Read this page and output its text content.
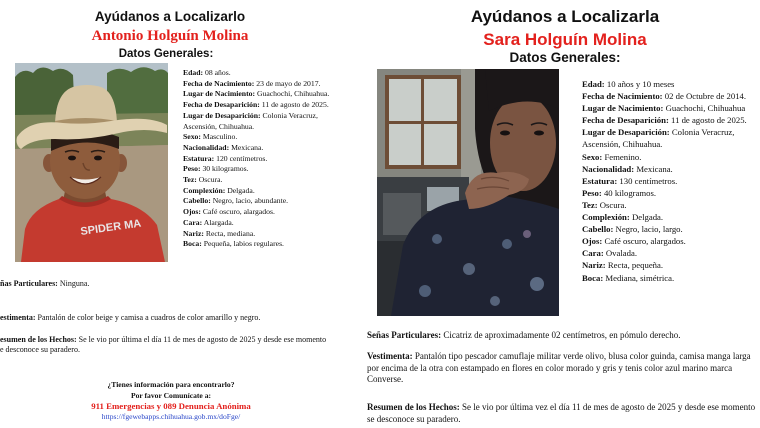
Ayúdanos a Localizarlo
Antonio Holguín Molina
Datos Generales:
SPIDER MA
Edad: 08 años.
Fecha de Nacimiento: 23 de mayo de 2017.
Lugar de Nacimiento: Guachochi, Chihuahua.
Fecha de Desaparición: 11 de agosto de 2025.
Lugar de Desaparición: Colonia Veracruz,
Ascensión, Chihuahua.
Sexo: Masculino.
Nacionalidad: Mexicana.
Estatura: 120 centímetros.
Peso: 30 kilogramos.
Tez: Oscura.
Complexión: Delgada.
Cabello: Negro, lacio, abundante.
Ojos: Café oscuro, alargados.
Cara: Alargada.
Nariz: Recta, mediana.
Boca: Pequeña, labios regulares.
ñas Particulares: Ninguna.
estimenta: Pantalón de color beige y camisa a cuadros de color amarillo y negro.
esumen de los Hechos: Se le vio por última el día 11 de mes de agosto de 2025 y desde ese momento
e desconoce su paradero.
¿Tienes información para encontrarlo?
Por favor Comunícate a:
911 Emergencias y 089 Denuncia Anónima
https://fgewebapps.chihuahua.gob.mx/doFge/
Ayúdanos a Localizarla
Sara Holguín Molina
Datos Generales:
Edad: 10 años y 10 meses
Fecha de Nacimiento: 02 de Octubre de 2014.
Lugar de Nacimiento: Guachochi, Chihuahua
Fecha de Desaparición: 11 de agosto de 2025.
Lugar de Desaparición: Colonia Veracruz,
Ascensión, Chihuahua.
Sexo: Femenino.
Nacionalidad: Mexicana.
Estatura: 130 centímetros.
Peso: 40 kilogramos.
Tez: Oscura.
Complexión: Delgada.
Cabello: Negro, lacio, largo.
Ojos: Café oscuro, alargados.
Cara: Ovalada.
Nariz: Recta, pequeña.
Boca: Mediana, simétrica.
Señas Particulares: Cicatriz de aproximadamente 02 centímetros, en pómulo derecho.
Vestimenta: Pantalón tipo pescador camuflaje militar verde olivo, blusa color guinda, camisa manga larga por encima de la otra con estampado en flores en color morado y gris y tenis color azul marino marca Converse.
Resumen de los Hechos: Se le vio por última vez el día 11 de mes de agosto de 2025 y desde ese momento se desconoce su paradero.
